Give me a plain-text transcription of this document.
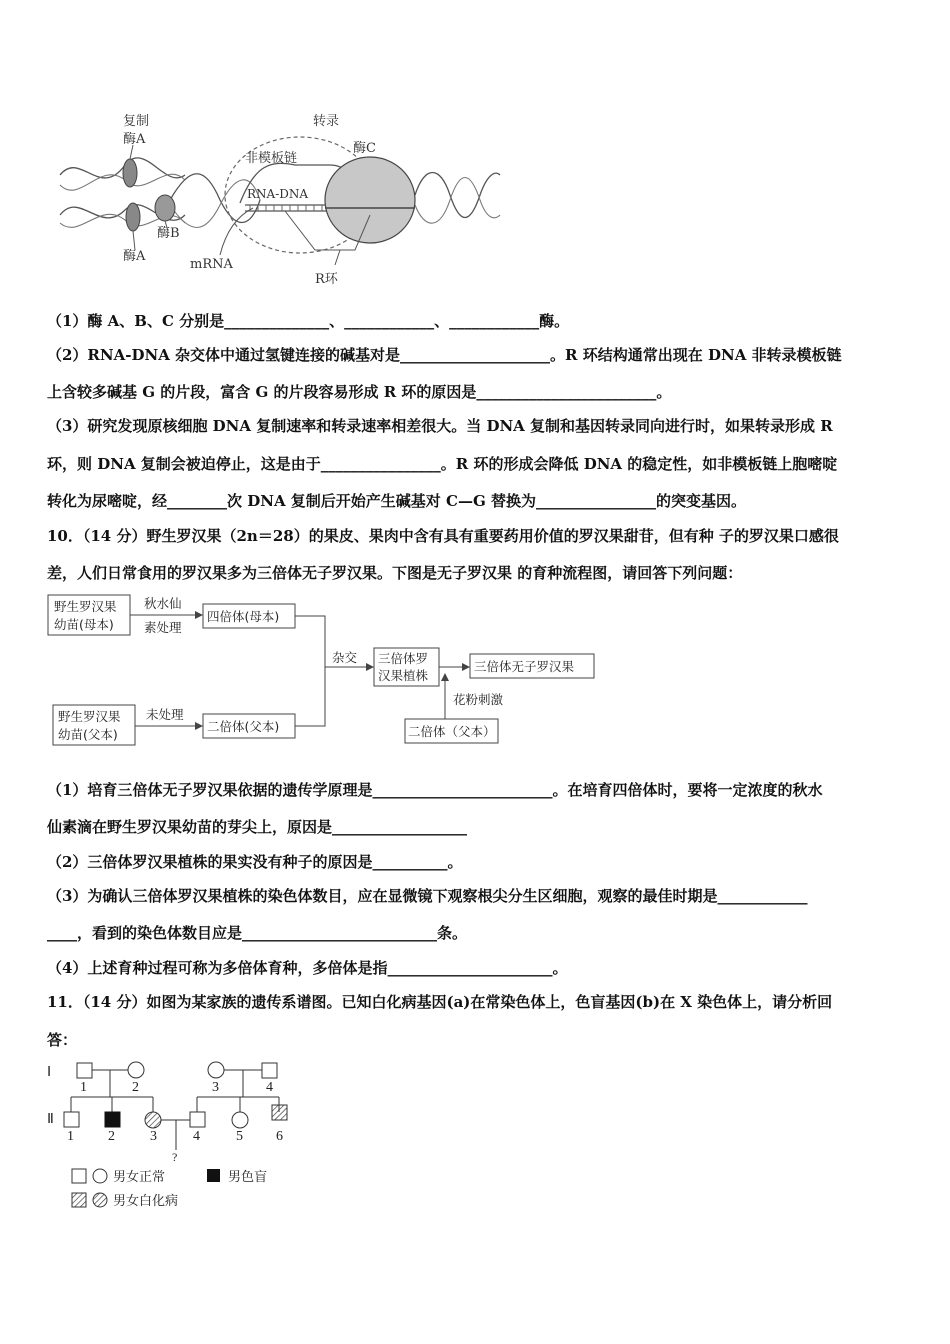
复制
酶A
转录
酶C
非模板链
RNA-DNA
酶B
酶A
mRNA
R环
（1）酶 A、B、C 分别是______________、____________、____________酶。
（2）RNA-DNA 杂交体中通过氢键连接的碱基对是____________________。R 环结构通常出现在 DNA 非转录模板链
上含较多碱基 G 的片段，富含 G 的片段容易形成 R 环的原因是________________________。
（3）研究发现原核细胞 DNA 复制速率和转录速率相差很大。当 DNA 复制和基因转录同向进行时，如果转录形成 R
环，则 DNA 复制会被迫停止，这是由于________________。R 环的形成会降低 DNA 的稳定性，如非模板链上胞嘧啶
转化为尿嘧啶，经________次 DNA 复制后开始产生碱基对 C—G 替换为________________的突变基因。
10．（14 分）野生罗汉果（2n＝28）的果皮、果肉中含有具有重要药用价值的罗汉果甜苷，但有种 子的罗汉果口感很
差，人们日常食用的罗汉果多为三倍体无子罗汉果。下图是无子罗汉果 的育种流程图，请回答下列问题：
野生罗汉果
幼苗(母本)
秋水仙
素处理
四倍体(母本)
杂交 三倍体罗
汉果植株
三倍体无子罗汉果
花粉刺激
二倍体（父本）
野生罗汉果
幼苗(父本)
未处理
二倍体(父本)
（1）培育三倍体无子罗汉果依据的遗传学原理是________________________。在培育四倍体时，要将一定浓度的秋水
仙素滴在野生罗汉果幼苗的芽尖上，原因是__________________
（2）三倍体罗汉果植株的果实没有种子的原因是__________。
（3）为确认三倍体罗汉果植株的染色体数目，应在显微镜下观察根尖分生区细胞，观察的最佳时期是____________
____，看到的染色体数目应是__________________________条。
（4）上述育种过程可称为多倍体育种，多倍体是指______________________。
11．（14 分）如图为某家族的遗传系谱图。已知白化病基因(a)在常染色体上，色盲基因(b)在 X 染色体上，请分析回
答：
Ⅰ
Ⅱ
1	2	3	4
1 2	3	4	5 6
?
男女正常	男色盲
男女白化病
